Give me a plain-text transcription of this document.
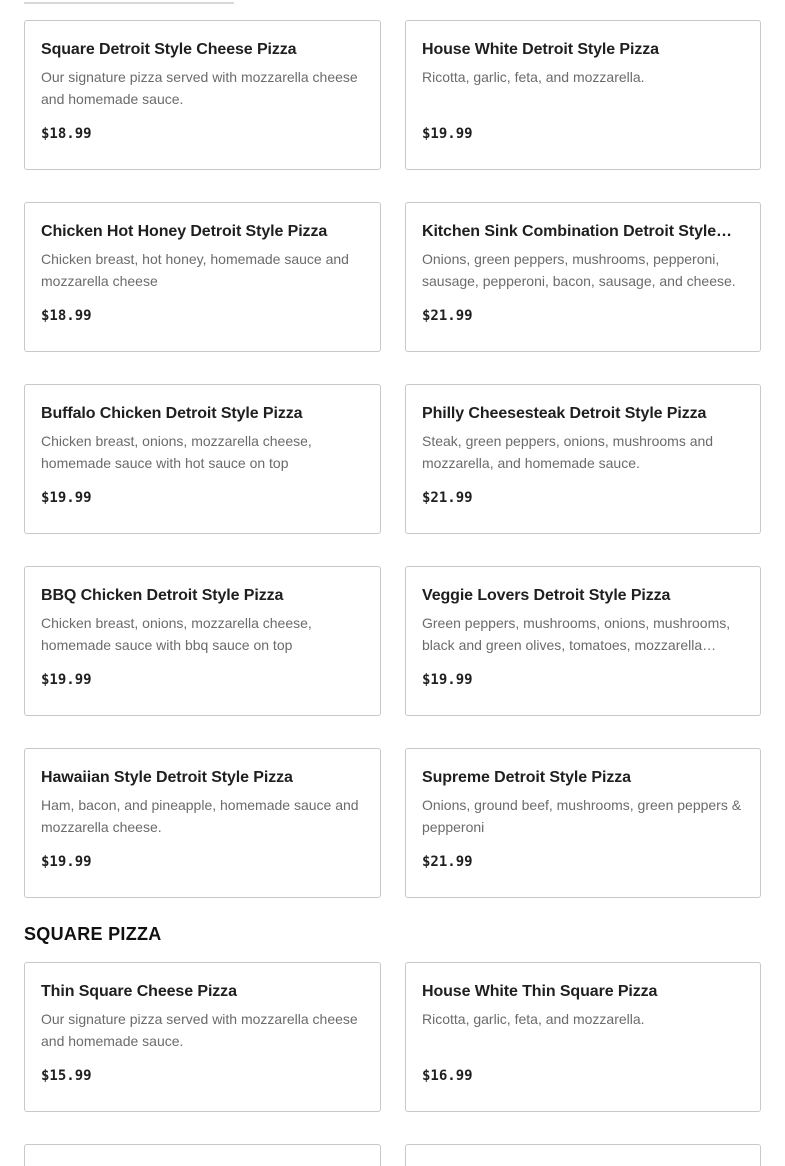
Square Detroit Style Cheese Pizza
Our signature pizza served with mozzarella cheese and homemade sauce.
$18.99
House White Detroit Style Pizza
Ricotta, garlic, feta, and mozzarella.
$19.99
Chicken Hot Honey Detroit Style Pizza
Chicken breast, hot honey, homemade sauce and mozzarella cheese
$18.99
Kitchen Sink Combination Detroit Style…
Onions, green peppers, mushrooms, pepperoni, sausage, pepperoni, bacon, sausage, and cheese.
$21.99
Buffalo Chicken Detroit Style Pizza
Chicken breast, onions, mozzarella cheese, homemade sauce with hot sauce on top
$19.99
Philly Cheesesteak Detroit Style Pizza
Steak, green peppers, onions, mushrooms and mozzarella, and homemade sauce.
$21.99
BBQ Chicken Detroit Style Pizza
Chicken breast, onions, mozzarella cheese, homemade sauce with bbq sauce on top
$19.99
Veggie Lovers Detroit Style Pizza
Green peppers, mushrooms, onions, mushrooms, black and green olives, tomatoes, mozzarella…
$19.99
Hawaiian Style Detroit Style Pizza
Ham, bacon, and pineapple, homemade sauce and mozzarella cheese.
$19.99
Supreme Detroit Style Pizza
Onions, ground beef, mushrooms, green peppers & pepperoni
$21.99
SQUARE PIZZA
Thin Square Cheese Pizza
Our signature pizza served with mozzarella cheese and homemade sauce.
$15.99
House White Thin Square Pizza
Ricotta, garlic, feta, and mozzarella.
$16.99
